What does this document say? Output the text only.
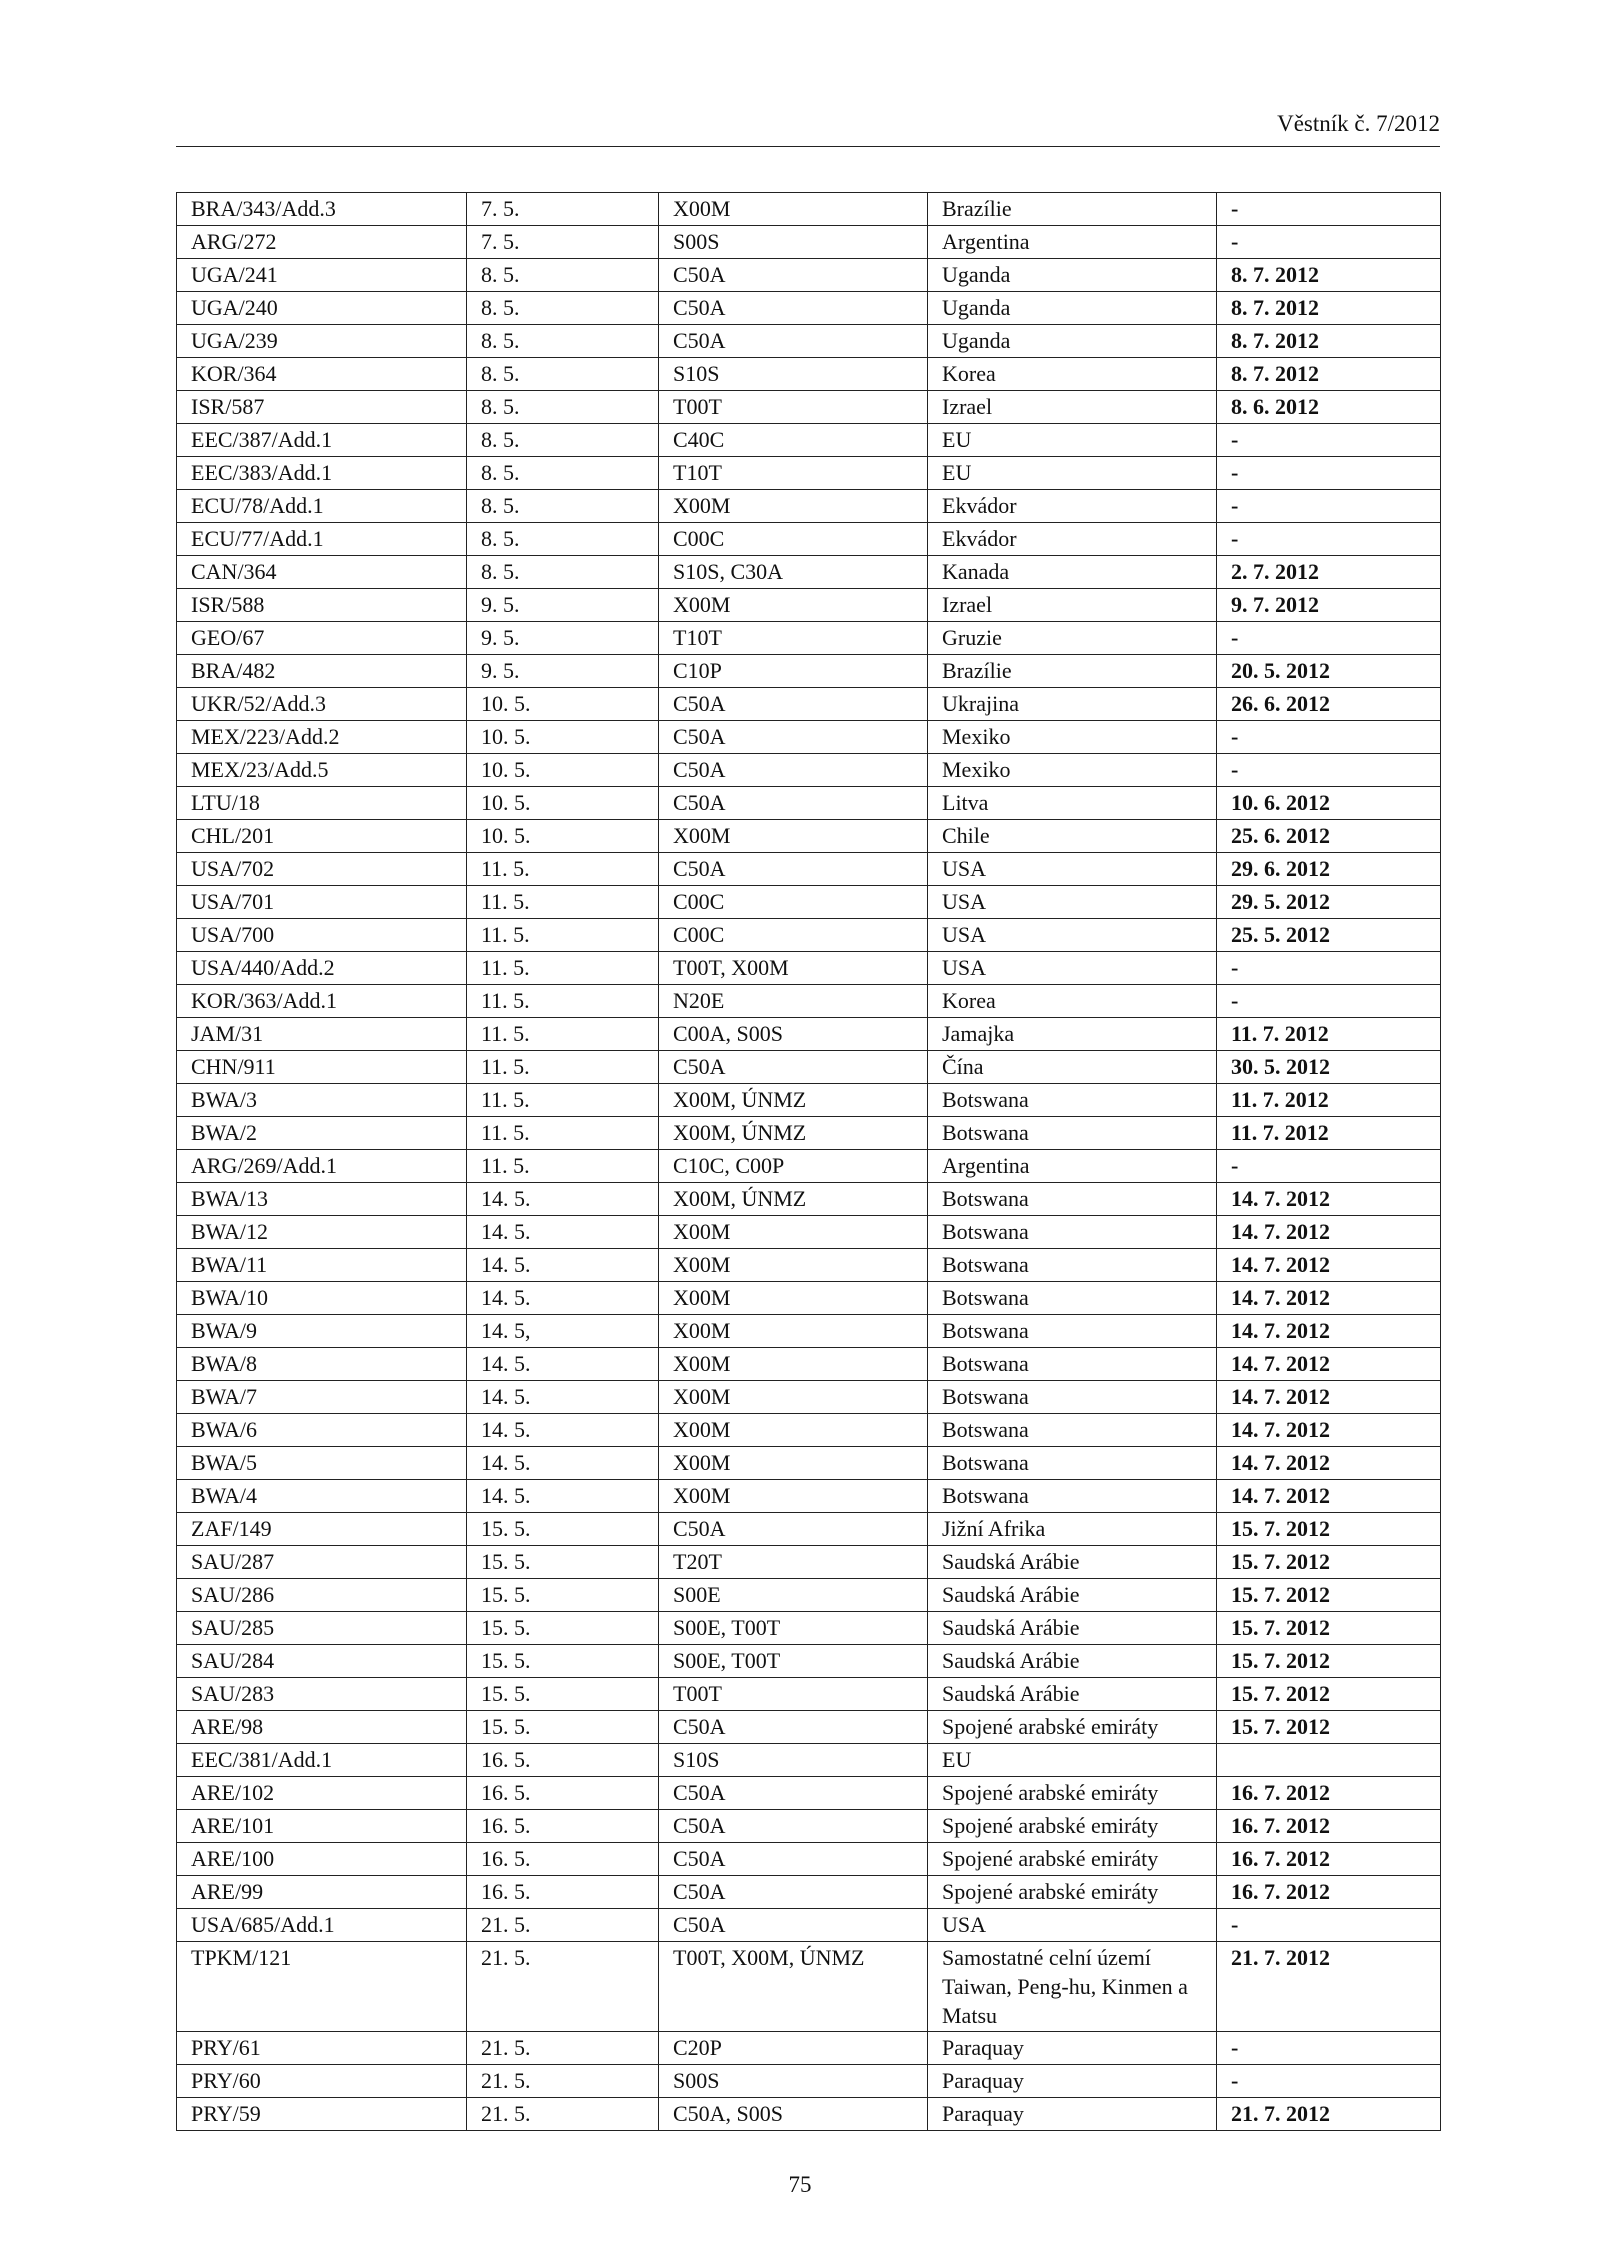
Věstník č. 7/2012
BRA/343/Add.3	7. 5.	X00M	Brazílie	-
ARG/272	7. 5.	S00S	Argentina	-
UGA/241	8. 5.	C50A	Uganda	8. 7. 2012
UGA/240	8. 5.	C50A	Uganda	8. 7. 2012
UGA/239	8. 5.	C50A	Uganda	8. 7. 2012
KOR/364	8. 5.	S10S	Korea	8. 7. 2012
ISR/587	8. 5.	T00T	Izrael	8. 6. 2012
EEC/387/Add.1	8. 5.	C40C	EU	-
EEC/383/Add.1	8. 5.	T10T	EU	-
ECU/78/Add.1	8. 5.	X00M	Ekvádor	-
ECU/77/Add.1	8. 5.	C00C	Ekvádor	-
CAN/364	8. 5.	S10S, C30A	Kanada	2. 7. 2012
ISR/588	9. 5.	X00M	Izrael	9. 7. 2012
GEO/67	9. 5.	T10T	Gruzie	-
BRA/482	9. 5.	C10P	Brazílie	20. 5. 2012
UKR/52/Add.3	10. 5.	C50A	Ukrajina	26. 6. 2012
MEX/223/Add.2	10. 5.	C50A	Mexiko	-
MEX/23/Add.5	10. 5.	C50A	Mexiko	-
LTU/18	10. 5.	C50A	Litva	10. 6. 2012
CHL/201	10. 5.	X00M	Chile	25. 6. 2012
USA/702	11. 5.	C50A	USA	29. 6. 2012
USA/701	11. 5.	C00C	USA	29. 5. 2012
USA/700	11. 5.	C00C	USA	25. 5. 2012
USA/440/Add.2	11. 5.	T00T, X00M	USA	-
KOR/363/Add.1	11. 5.	N20E	Korea	-
JAM/31	11. 5.	C00A, S00S	Jamajka	11. 7. 2012
CHN/911	11. 5.	C50A	Čína	30. 5. 2012
BWA/3	11. 5.	X00M, ÚNMZ	Botswana	11. 7. 2012
BWA/2	11. 5.	X00M, ÚNMZ	Botswana	11. 7. 2012
ARG/269/Add.1	11. 5.	C10C, C00P	Argentina	-
BWA/13	14. 5.	X00M, ÚNMZ	Botswana	14. 7. 2012
BWA/12	14. 5.	X00M	Botswana	14. 7. 2012
BWA/11	14. 5.	X00M	Botswana	14. 7. 2012
BWA/10	14. 5.	X00M	Botswana	14. 7. 2012
BWA/9	14. 5,	X00M	Botswana	14. 7. 2012
BWA/8	14. 5.	X00M	Botswana	14. 7. 2012
BWA/7	14. 5.	X00M	Botswana	14. 7. 2012
BWA/6	14. 5.	X00M	Botswana	14. 7. 2012
BWA/5	14. 5.	X00M	Botswana	14. 7. 2012
BWA/4	14. 5.	X00M	Botswana	14. 7. 2012
ZAF/149	15. 5.	C50A	Jižní Afrika	15. 7. 2012
SAU/287	15. 5.	T20T	Saudská Arábie	15. 7. 2012
SAU/286	15. 5.	S00E	Saudská Arábie	15. 7. 2012
SAU/285	15. 5.	S00E, T00T	Saudská Arábie	15. 7. 2012
SAU/284	15. 5.	S00E, T00T	Saudská Arábie	15. 7. 2012
SAU/283	15. 5.	T00T	Saudská Arábie	15. 7. 2012
ARE/98	15. 5.	C50A	Spojené arabské emiráty	15. 7. 2012
EEC/381/Add.1	16. 5.	S10S	EU	
ARE/102	16. 5.	C50A	Spojené arabské emiráty	16. 7. 2012
ARE/101	16. 5.	C50A	Spojené arabské emiráty	16. 7. 2012
ARE/100	16. 5.	C50A	Spojené arabské emiráty	16. 7. 2012
ARE/99	16. 5.	C50A	Spojené arabské emiráty	16. 7. 2012
USA/685/Add.1	21. 5.	C50A	USA	-
TPKM/121	21. 5.	T00T, X00M, ÚNMZ	Samostatné celní území Taiwan, Peng-hu, Kinmen a Matsu	21. 7. 2012
PRY/61	21. 5.	C20P	Paraquay	-
PRY/60	21. 5.	S00S	Paraquay	-
PRY/59	21. 5.	C50A, S00S	Paraquay	21. 7. 2012
75
